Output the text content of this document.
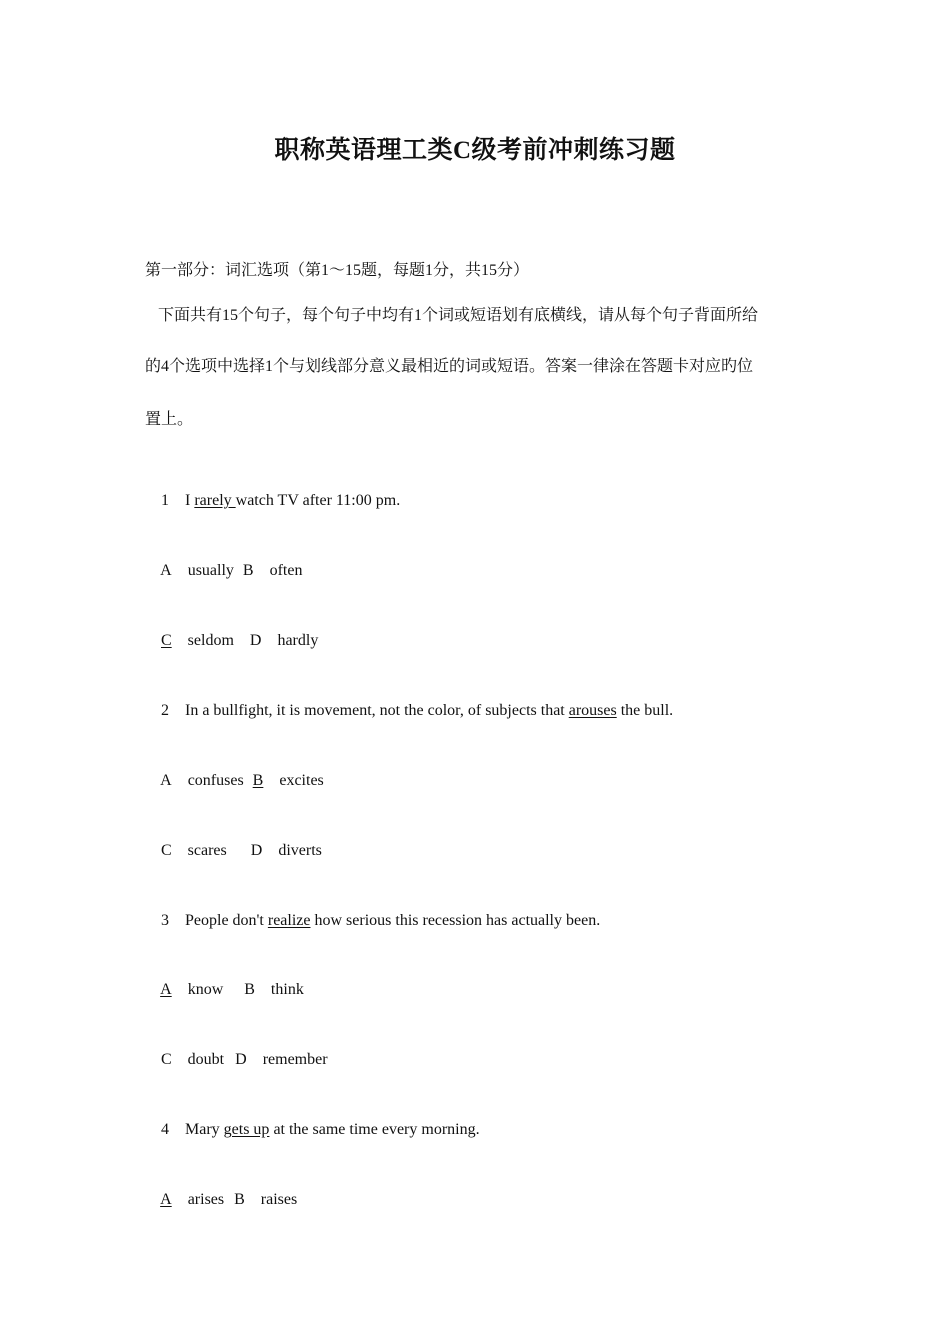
职称英语理工类C级考前冲刺练习题
第一部分：词汇选项（第1～15题，每题1分，共15分）
下面共有15个句子，每个句子中均有1个词或短语划有底横线，请从每个句子背面所给
的4个选项中选择1个与划线部分意义最相近的词或短语。答案一律涂在答题卡对应旳位
置上。

1 I rarely watch TV after 11:00 pm.

A usually B often

C seldom D hardly

2 In a bullfight, it is movement, not the color, of subjects that arouses the bull.

A confuses B excites

C scares D diverts

3 People don't realize how serious this recession has actually been.

A know B think

C doubt D remember

4 Mary gets up at the same time every morning.

A arises B raises
